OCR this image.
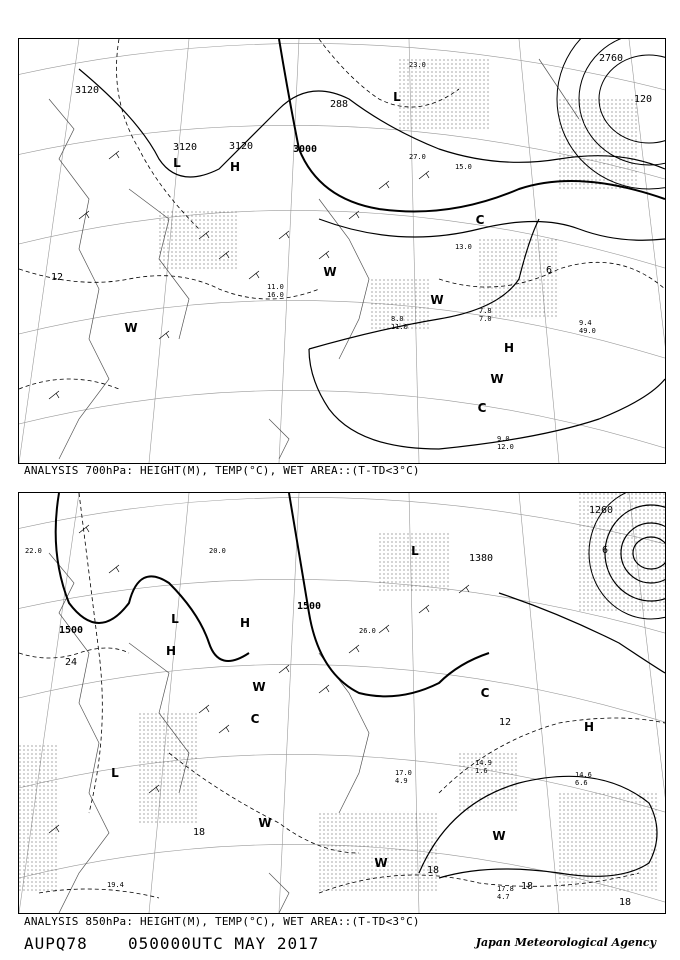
3120
3120	3120	3000
288
2760
120
12
6
L	H
L
C
H
W
W
W
C
W
11.0
16.0
9.4
49.0
9.0
12.0
8.0
11.0
7.8
7.0
15.0
13.0
27.0
23.0
ANALYSIS 700hPa: HEIGHT(M), TEMP(°C), WET AREA::(T-TD<3°C)
1500
1500
1380
1260
24
18
18
18
18
12
6
L	H
H
L
C
C
W
W
W
W
H
L
17.0
4.9
14.6
6.6
17.8
4.7
14.9
1.6
19.4
22.0	20.0
26.0
ANALYSIS 850hPa: HEIGHT(M), TEMP(°C), WET AREA::(T-TD<3°C)
AUPQ78	050000UTC MAY 2017	Japan Meteorological Agency
